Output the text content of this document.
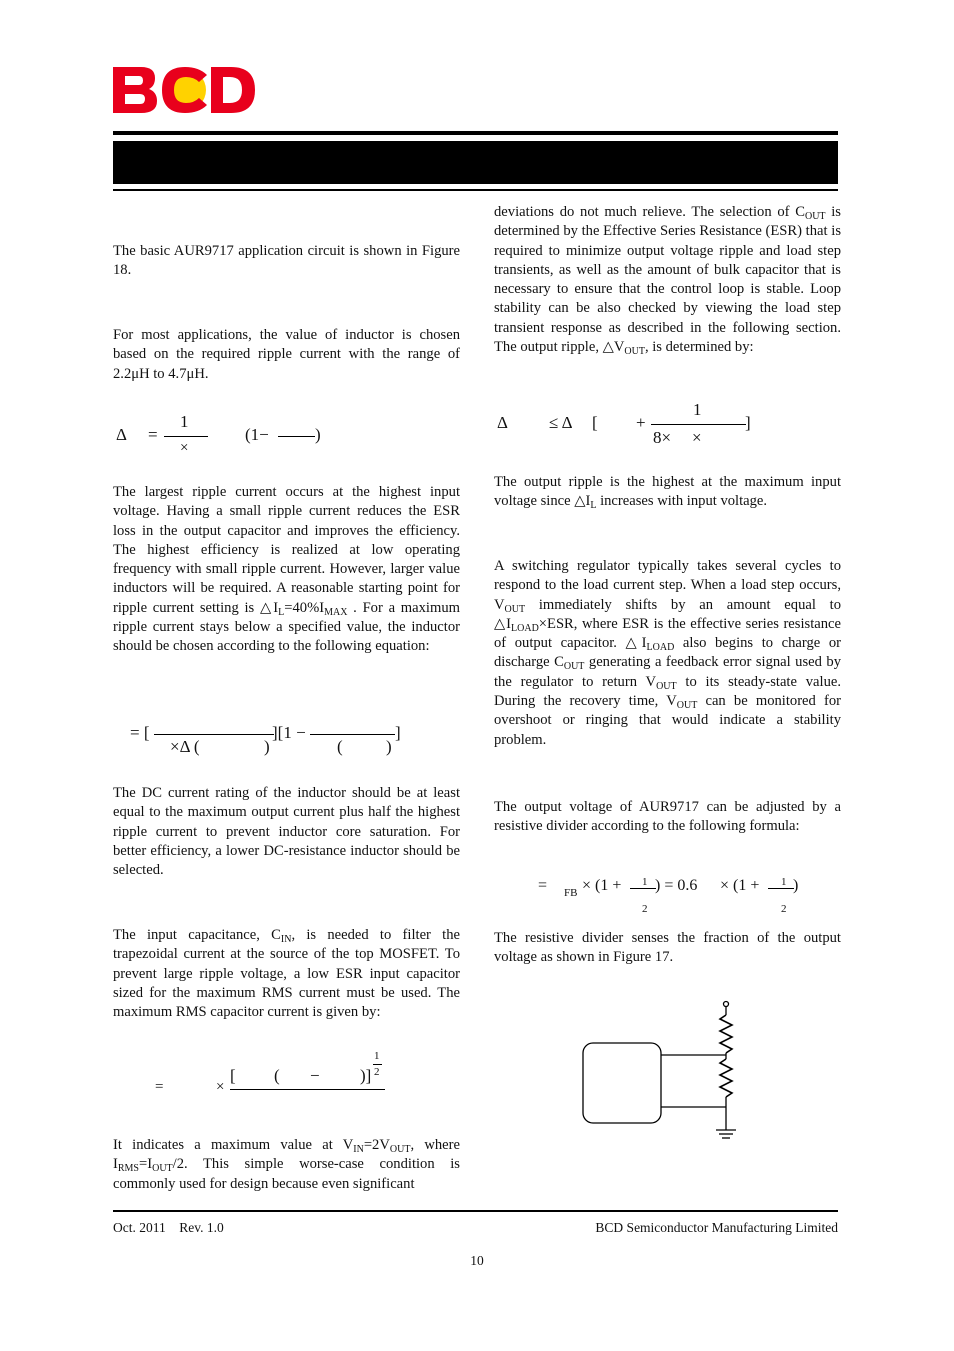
The basic AUR9717 application circuit is shown in Figure 18.

For most applications, the value of inductor is chosen based on the required ripple current with the range of 2.2μH to 4.7μH.

Δ =
1
×
(1−	)

The largest ripple current occurs at the highest input voltage. Having a small ripple current reduces the ESR loss in the output capacitor and improves the efficiency. The highest efficiency is realized at low operating frequency with small ripple current. However, larger value inductors will be required. A reasonable starting point for ripple current setting is $\triangle I_L=40\%I_{MAX}$ . For a maximum ripple current stays below a specified value, the inductor should be chosen according to the following equation:

= [
×Δ (	)
][1 −
(	)
]

The DC current rating of the inductor should be at least equal to the maximum output current plus half the highest ripple current to prevent inductor core saturation. For better efficiency, a lower DC-resistance inductor should be selected.

The input capacitance, $C_{IN}$, is needed to filter the trapezoidal current at the source of the top MOSFET. To prevent large ripple voltage, a low ESR input capacitor sized for the maximum RMS current must be used. The maximum RMS capacitor current is given by:

=	×
[ ( − )]
1
2

It indicates a maximum value at $V_{IN}=2V_{OUT}$, where $I_{RMS}=I_{OUT}/2$. This simple worse-case condition is commonly used for design because even significant

deviations do not much relieve. The selection of $C_{OUT}$ is determined by the Effective Series Resistance (ESR) that is required to minimize output voltage ripple and load step transients, as well as the amount of bulk capacitor that is necessary to ensure that the control loop is stable. Loop stability can be also checked by viewing the load step transient response as described in the following section. The output ripple, $\triangle V_{OUT}$, is determined by:

Δ ≤ Δ [ +
1
8× ×
]

The output ripple is the highest at the maximum input voltage since $\triangle I_L$ increases with input voltage.

A switching regulator typically takes several cycles to respond to the load current step. When a load step occurs, $V_{OUT}$ immediately shifts by an amount equal to $\triangle I_{LOAD}\times ESR$, where ESR is the effective series resistance of output capacitor. $\triangle I_{LOAD}$ also begins to charge or discharge $C_{OUT}$ generating a feedback error signal used by the regulator to return $V_{OUT}$ to its steady-state value. During the recovery time, $V_{OUT}$ can be monitored for overshoot or ringing that would indicate a stability problem.

The output voltage of AUR9717 can be adjusted by a resistive divider according to the following formula:

= FB × (1 + 1
2
) = 0.6 × (1 + 1
2
)

The resistive divider senses the fraction of the output voltage as shown in Figure 17.

Oct. 2011    Rev. 1.0	BCD Semiconductor Manufacturing Limited
10
